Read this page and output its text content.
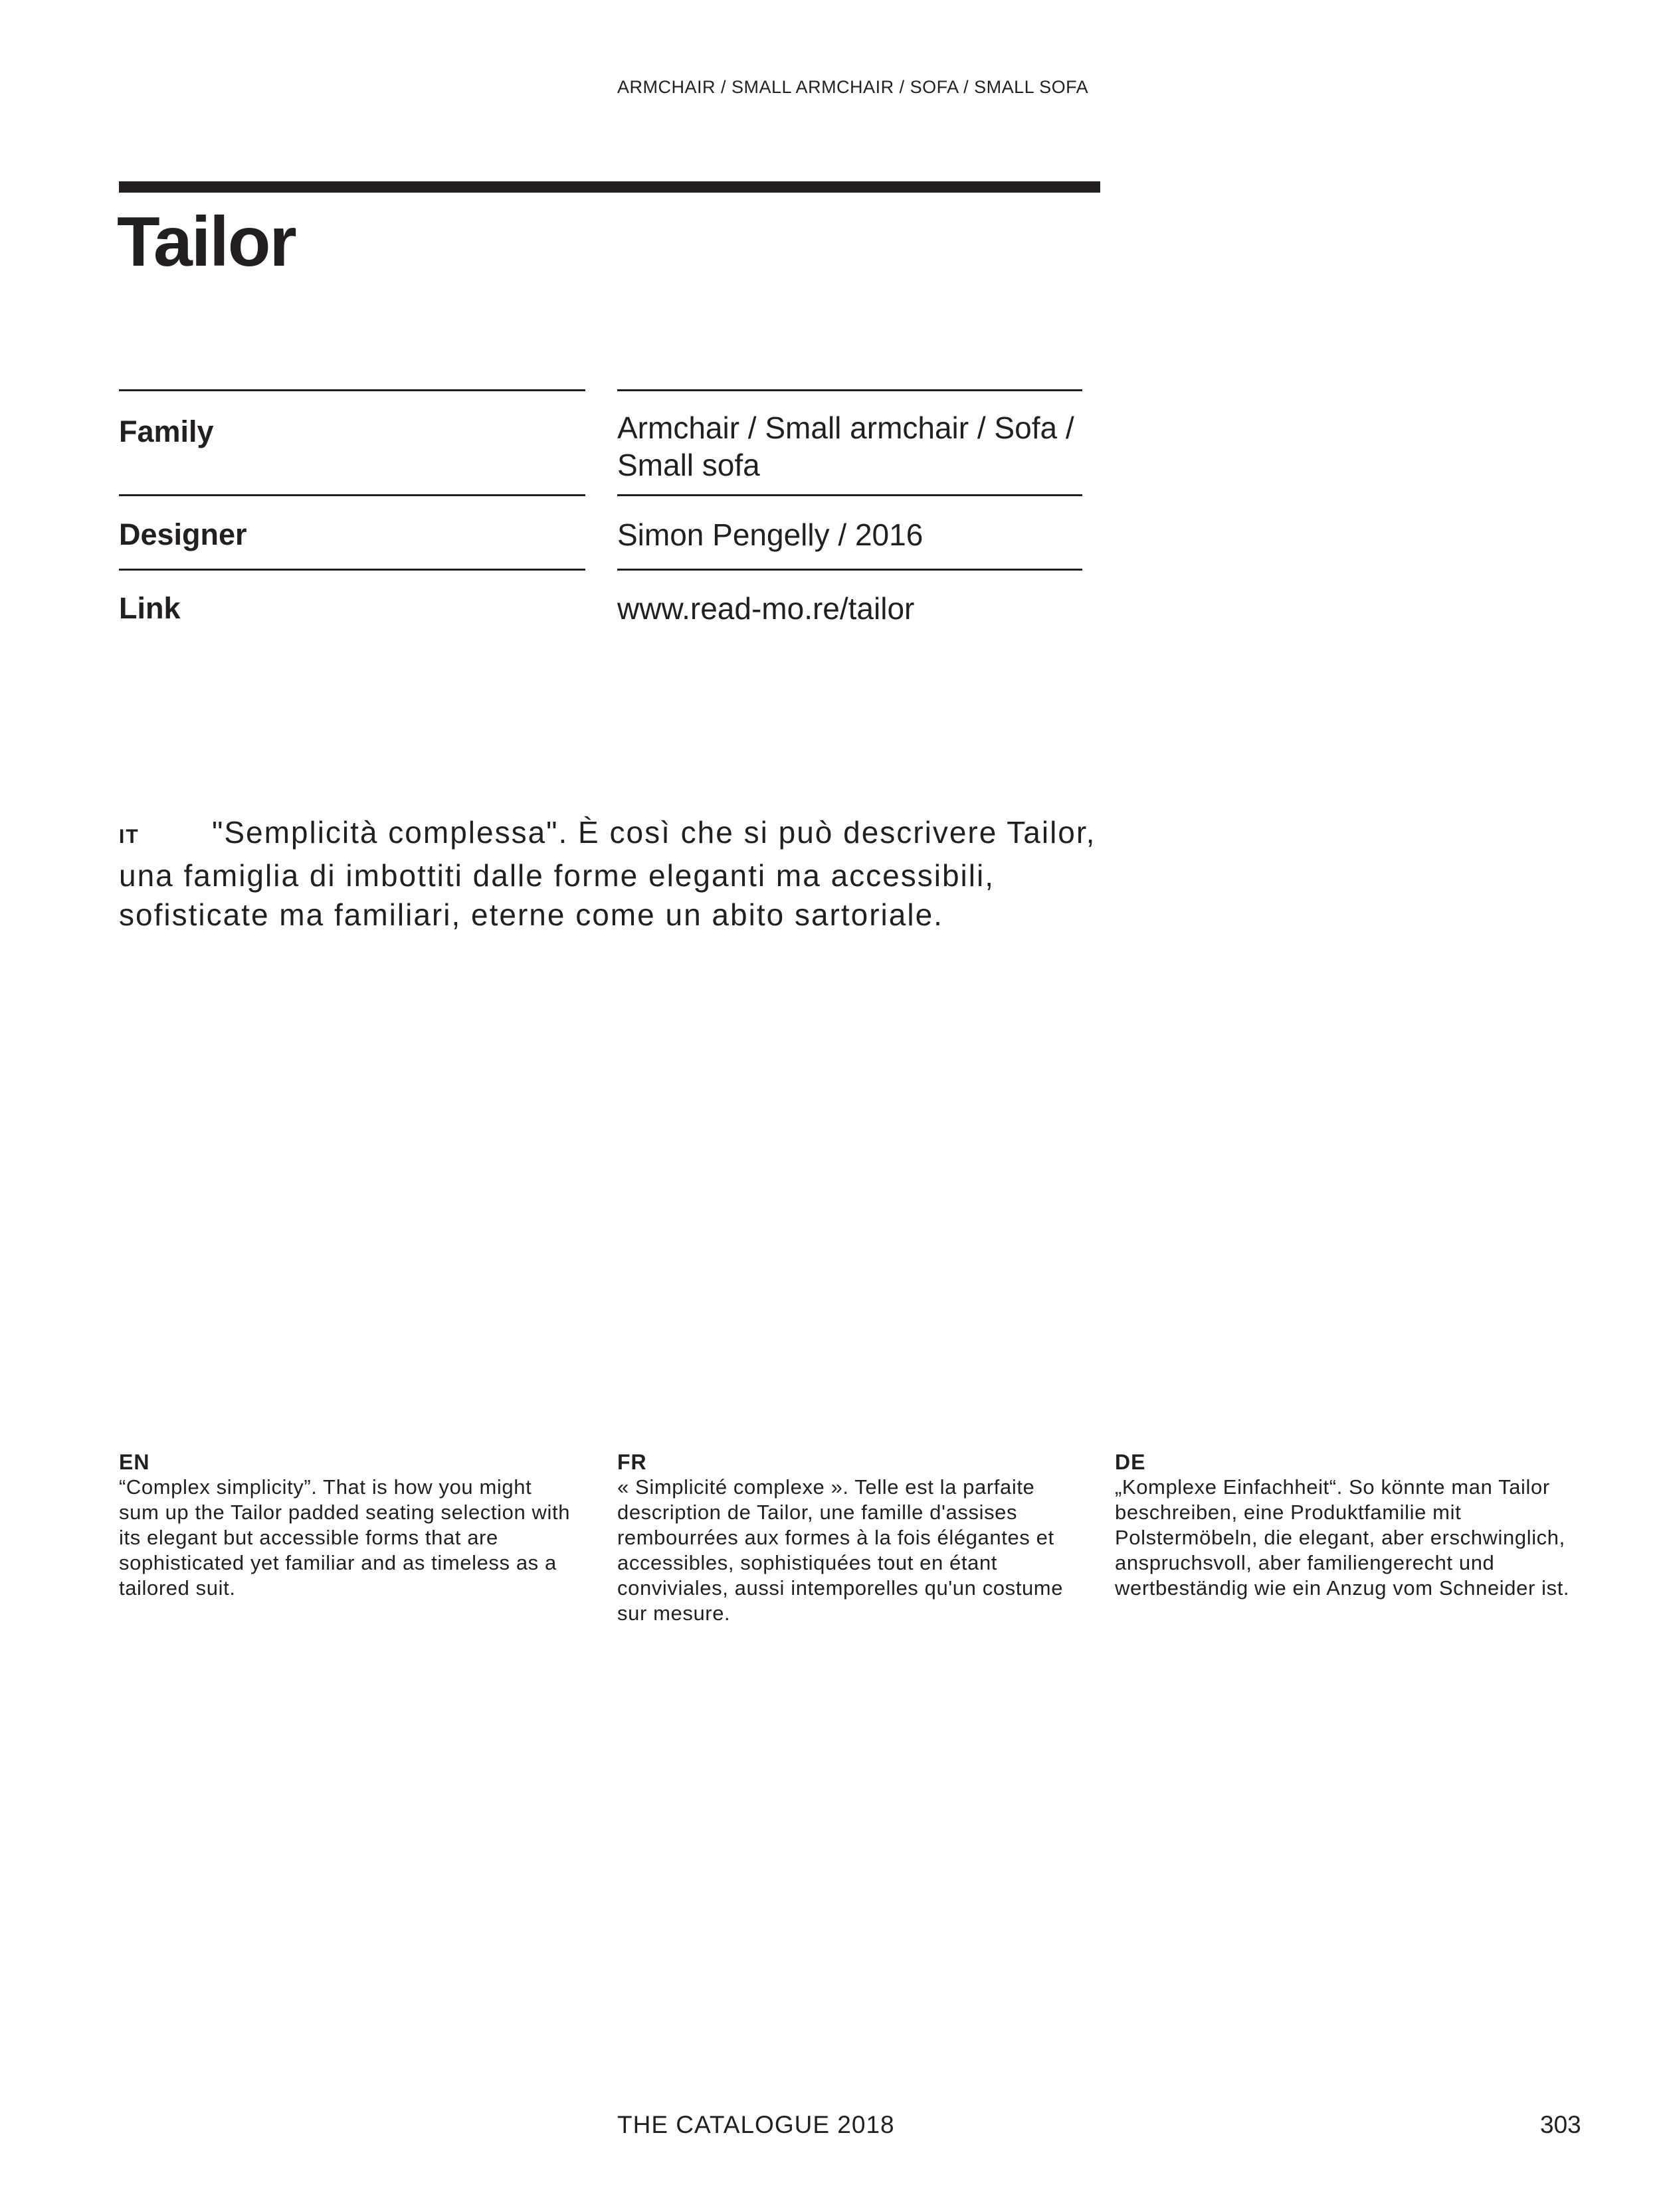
ARMCHAIR / SMALL ARMCHAIR / SOFA / SMALL SOFA
Tailor
Family	Armchair / Small armchair / Sofa / Small sofa
Designer	Simon Pengelly / 2016
Link	www.read-mo.re/tailor

IT "Semplicità complessa". È così che si può descrivere Tailor, una famiglia di imbottiti dalle forme eleganti ma accessibili, sofisticate ma familiari, eterne come un abito sartoriale.

EN
“Complex simplicity”. That is how you might sum up the Tailor padded seating selection with its elegant but accessible forms that are sophisticated yet familiar and as timeless as a tailored suit.
FR
« Simplicité complexe ». Telle est la parfaite description de Tailor, une famille d'assises rembourrées aux formes à la fois élégantes et accessibles, sophistiquées tout en étant conviviales, aussi intemporelles qu'un costume sur mesure.
DE
„Komplexe Einfachheit“. So könnte man Tailor beschreiben, eine Produktfamilie mit Polstermöbeln, die elegant, aber erschwinglich, anspruchsvoll, aber familiengerecht und wertbeständig wie ein Anzug vom Schneider ist.
THE CATALOGUE 2018	303
